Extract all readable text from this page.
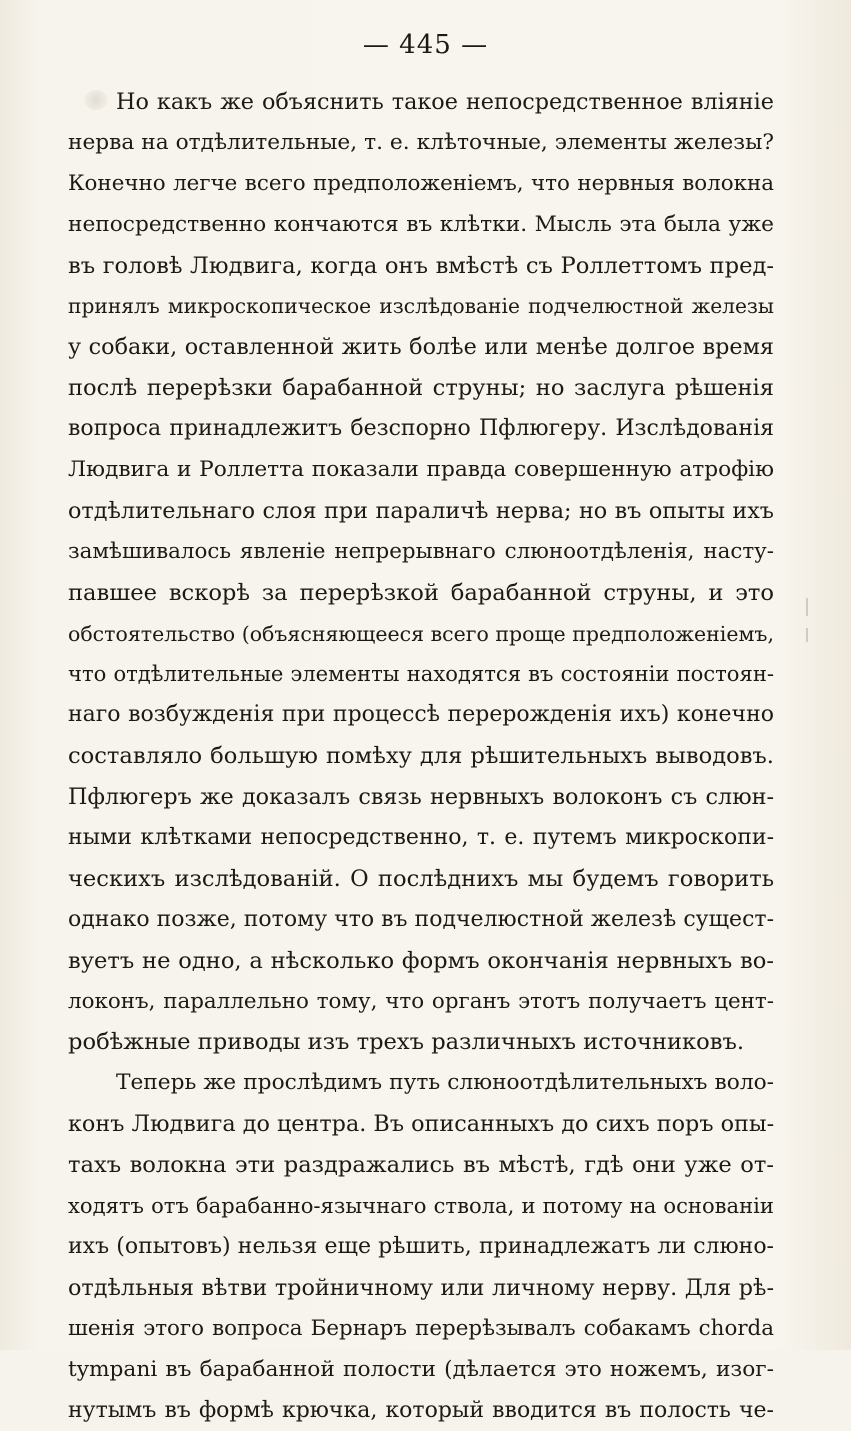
— 445 —
Но какъ же объяснить такое непосредственное вліяніе
нерва на отдѣлительные, т. е. клѣточные, элементы железы?
Конечно легче всего предположеніемъ, что нервныя волокна
непосредственно кончаются въ клѣтки. Мысль эта была уже
въ головѣ Людвига, когда онъ вмѣстѣ съ Роллеттомъ пред-
принялъ микроскопическое изслѣдованіе подчелюстной железы
у собаки, оставленной жить болѣе или менѣе долгое время
послѣ перерѣзки барабанной струны; но заслуга рѣшенія
вопроса принадлежитъ безспорно Пфлюгеру. Изслѣдованія
Людвига и Роллетта показали правда совершенную атрофію
отдѣлительнаго слоя при параличѣ нерва; но въ опыты ихъ
замѣшивалось явленіе непрерывнаго слюноотдѣленія, насту-
павшее вскорѣ за перерѣзкой барабанной струны, и это
обстоятельство (объясняющееся всего проще предположеніемъ,
что отдѣлительные элементы находятся въ состояніи постоян-
наго возбужденія при процессѣ перерожденія ихъ) конечно
составляло большую помѣху для рѣшительныхъ выводовъ.
Пфлюгеръ же доказалъ связь нервныхъ волоконъ съ слюн-
ными клѣтками непосредственно, т. е. путемъ микроскопи-
ческихъ изслѣдованій. О послѣднихъ мы будемъ говорить
однако позже, потому что въ подчелюстной железѣ сущест-
вуетъ не одно, а нѣсколько формъ окончанія нервныхъ во-
локонъ, параллельно тому, что органъ этотъ получаетъ цент-
робѣжные приводы изъ трехъ различныхъ источниковъ.
Теперь же прослѣдимъ путь слюноотдѣлительныхъ воло-
конъ Людвига до центра. Въ описанныхъ до сихъ поръ опы-
тахъ волокна эти раздражались въ мѣстѣ, гдѣ они уже от-
ходятъ отъ барабанно-язычнаго ствола, и потому на основаніи
ихъ (опытовъ) нельзя еще рѣшить, принадлежатъ ли слюно-
отдѣльныя вѣтви тройничному или личному нерву. Для рѣ-
шенія этого вопроса Бернаръ перерѣзывалъ собакамъ chorda
tympani въ барабанной полости (дѣлается это ножемъ, изог-
нутымъ въ формѣ крючка, который вводится въ полость че-
